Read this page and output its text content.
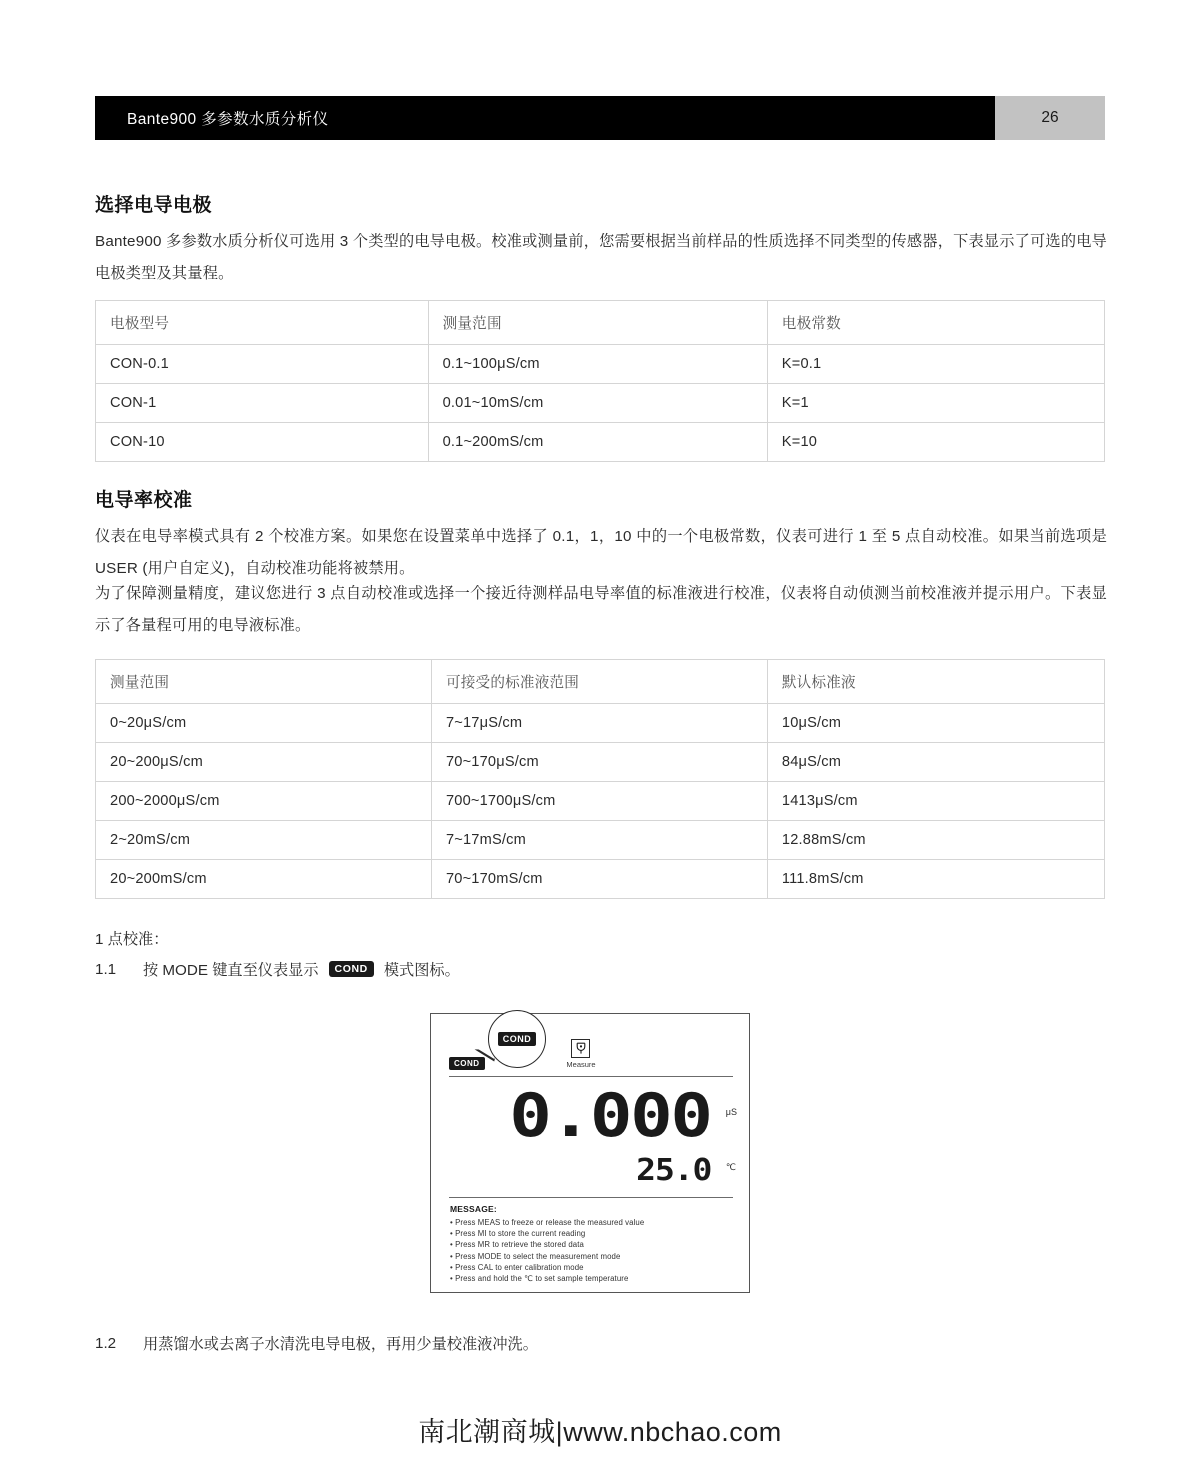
Bante900 多参数水质分析仪	26
选择电导电极
Bante900 多参数水质分析仪可选用 3 个类型的电导电极。校准或测量前，您需要根据当前样品的性质选择不同类型的传感器，下表显示了可选的电导电极类型及其量程。
电极型号	测量范围	电极常数
CON-0.1	0.1~100μS/cm	K=0.1
CON-1	0.01~10mS/cm	K=1
CON-10	0.1~200mS/cm	K=10
电导率校准
仪表在电导率模式具有 2 个校准方案。如果您在设置菜单中选择了 0.1，1，10 中的一个电极常数，仪表可进行 1 至 5 点自动校准。如果当前选项是 USER (用户自定义)，自动校准功能将被禁用。
为了保障测量精度，建议您进行 3 点自动校准或选择一个接近待测样品电导率值的标准液进行校准，仪表将自动侦测当前校准液并提示用户。下表显示了各量程可用的电导液标准。
测量范围	可接受的标准液范围	默认标准液
0~20μS/cm	7~17μS/cm	10μS/cm
20~200μS/cm	70~170μS/cm	84μS/cm
200~2000μS/cm	700~1700μS/cm	1413μS/cm
2~20mS/cm	7~17mS/cm	12.88mS/cm
20~200mS/cm	70~170mS/cm	111.8mS/cm
1 点校准：
1.1	按 MODE 键直至仪表显示	COND	模式图标。
COND
COND
Measure
0.000 μS
25.0 ℃
MESSAGE:
• Press MEAS to freeze or release the measured value
• Press MI to store the current reading
• Press MR to retrieve the stored data
• Press MODE to select the measurement mode
• Press CAL to enter calibration mode
• Press and hold the ℃ to set sample temperature
1.2	用蒸馏水或去离子水清洗电导电极，再用少量校准液冲洗。
南北潮商城|www.nbchao.com
